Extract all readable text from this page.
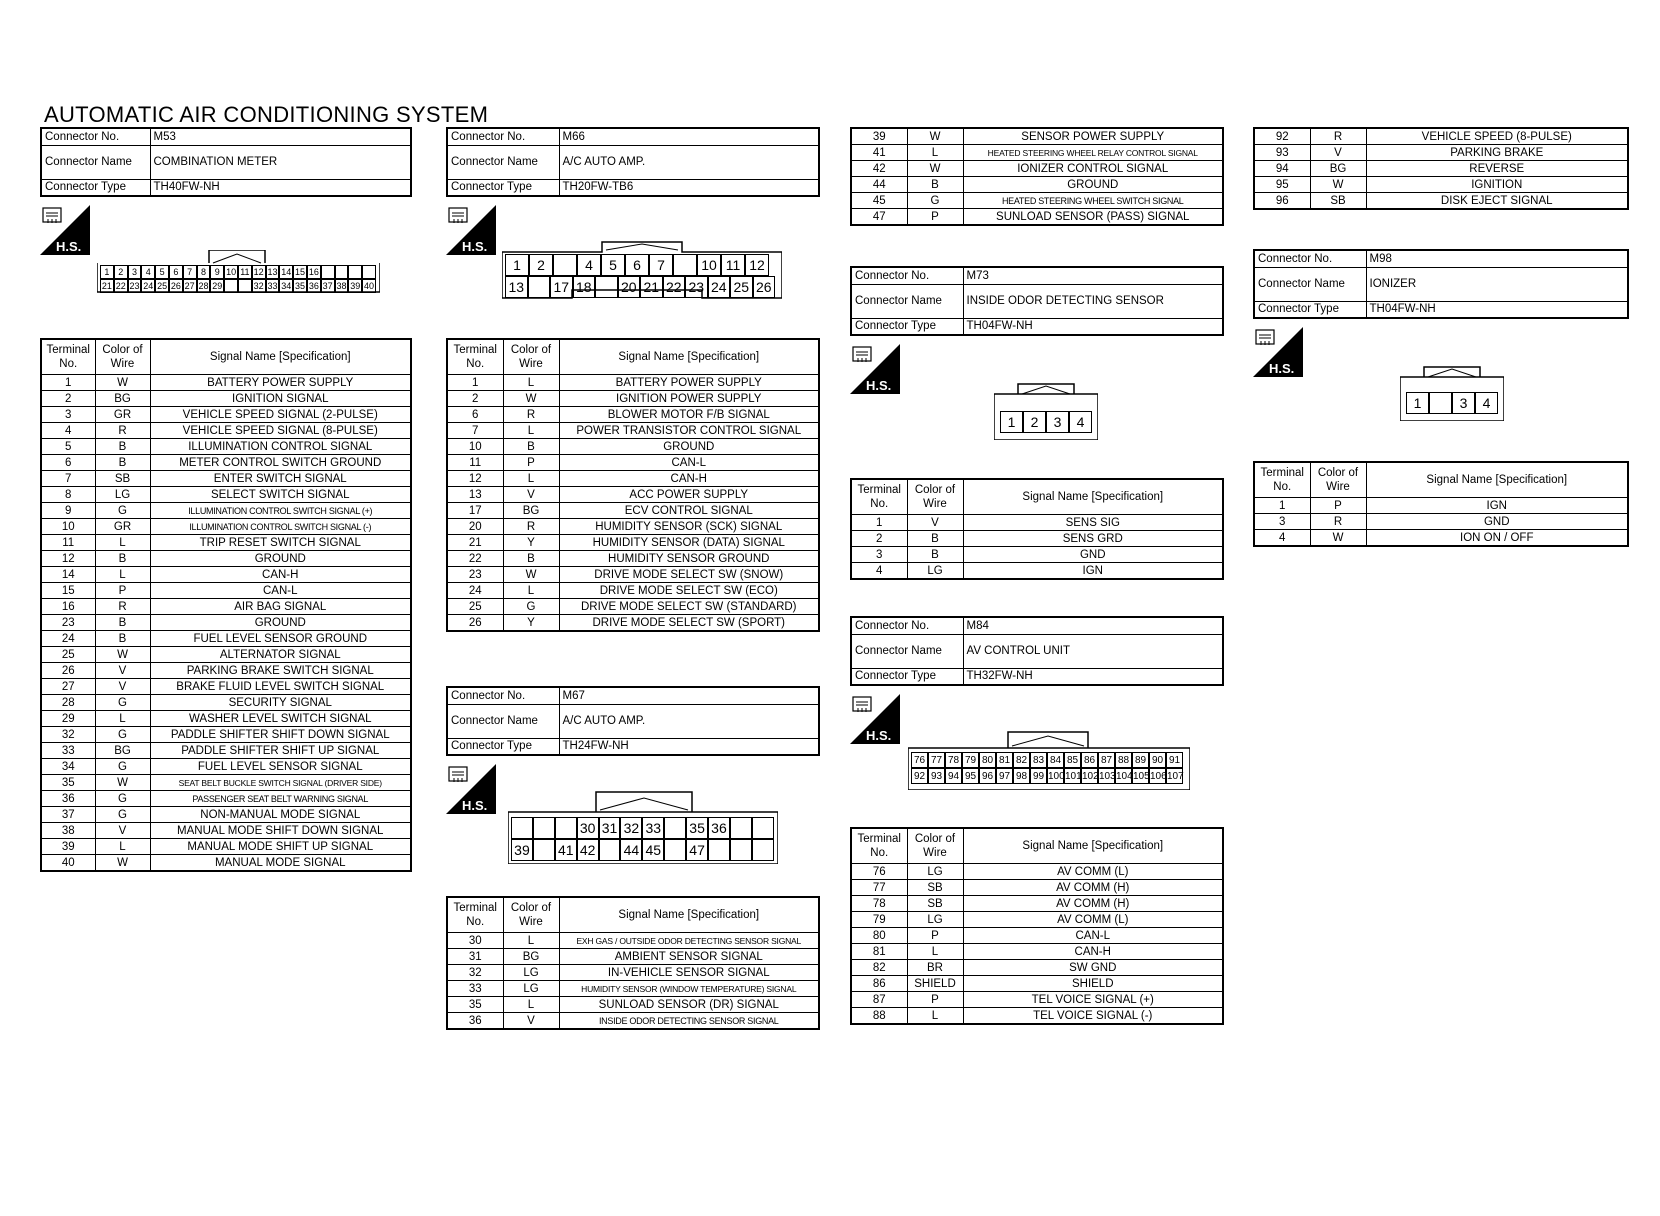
AUTOMATIC AIR CONDITIONING SYSTEM
Connector No.	M53
Connector Name	COMBINATION METER
Connector Type	TH40FW-NH
H.S.
1 2 3 4 5 6 7 8 9 10 11 12 13 14 15 16
21 22 23 24 25 26 27 28 29	32 33 34 35 36 37 38 39 40
Terminal No.	Color of Wire	Signal Name [Specification]
1	W	BATTERY POWER SUPPLY
2	BG	IGNITION SIGNAL
3	GR	VEHICLE SPEED SIGNAL (2-PULSE)
4	R	VEHICLE SPEED SIGNAL (8-PULSE)
5	B	ILLUMINATION CONTROL SIGNAL
6	B	METER CONTROL SWITCH GROUND
7	SB	ENTER SWITCH SIGNAL
8	LG	SELECT SWITCH SIGNAL
9	G	ILLUMINATION CONTROL SWITCH SIGNAL (+)
10	GR	ILLUMINATION CONTROL SWITCH SIGNAL (-)
11	L	TRIP RESET SWITCH SIGNAL
12	B	GROUND
14	L	CAN-H
15	P	CAN-L
16	R	AIR BAG SIGNAL
23	B	GROUND
24	B	FUEL LEVEL SENSOR GROUND
25	W	ALTERNATOR SIGNAL
26	V	PARKING BRAKE SWITCH SIGNAL
27	V	BRAKE FLUID LEVEL SWITCH SIGNAL
28	G	SECURITY SIGNAL
29	L	WASHER LEVEL SWITCH SIGNAL
32	G	PADDLE SHIFTER SHIFT DOWN SIGNAL
33	BG	PADDLE SHIFTER SHIFT UP SIGNAL
34	G	FUEL LEVEL SENSOR SIGNAL
35	W	SEAT BELT BUCKLE SWITCH SIGNAL (DRIVER SIDE)
36	G	PASSENGER SEAT BELT WARNING SIGNAL
37	G	NON-MANUAL MODE SIGNAL
38	V	MANUAL MODE SHIFT DOWN SIGNAL
39	L	MANUAL MODE SHIFT UP SIGNAL
40	W	MANUAL MODE SIGNAL
Connector No.	M66
Connector Name	A/C AUTO AMP.
Connector Type	TH20FW-TB6
H.S.
1	2	4	5	6	7	10 11 12
13 17 18 20 21 22 23 24 25 26
Terminal No.	Color of Wire	Signal Name [Specification]
1	L	BATTERY POWER SUPPLY
2	W	IGNITION POWER SUPPLY
6	R	BLOWER MOTOR F/B SIGNAL
7	L	POWER TRANSISTOR CONTROL SIGNAL
10	B	GROUND
11	P	CAN-L
12	L	CAN-H
13	V	ACC POWER SUPPLY
17	BG	ECV CONTROL SIGNAL
20	R	HUMIDITY SENSOR (SCK) SIGNAL
21	Y	HUMIDITY SENSOR (DATA) SIGNAL
22	B	HUMIDITY SENSOR GROUND
23	W	DRIVE MODE SELECT SW (SNOW)
24	L	DRIVE MODE SELECT SW (ECO)
25	G	DRIVE MODE SELECT SW (STANDARD)
26	Y	DRIVE MODE SELECT SW (SPORT)
Connector No.	M67
Connector Name	A/C AUTO AMP.
Connector Type	TH24FW-NH
H.S.
30 31 32 33 35 36
39 41 42 44 45 47
Terminal No.	Color of Wire	Signal Name [Specification]
30	L	EXH GAS / OUTSIDE ODOR DETECTING SENSOR SIGNAL
31	BG	AMBIENT SENSOR SIGNAL
32	LG	IN-VEHICLE SENSOR SIGNAL
33	LG	HUMIDITY SENSOR (WINDOW TEMPERATURE) SIGNAL
35	L	SUNLOAD SENSOR (DR) SIGNAL
36	V	INSIDE ODOR DETECTING SENSOR SIGNAL
39	W	SENSOR POWER SUPPLY
41	L	HEATED STEERING WHEEL RELAY CONTROL SIGNAL
42	W	IONIZER CONTROL SIGNAL
44	B	GROUND
45	G	HEATED STEERING WHEEL SWITCH SIGNAL
47	P	SUNLOAD SENSOR (PASS) SIGNAL
Connector No.	M73
Connector Name	INSIDE ODOR DETECTING SENSOR
Connector Type	TH04FW-NH
H.S.
1	2	3	4
Terminal No.	Color of Wire	Signal Name [Specification]
1	V	SENS SIG
2	B	SENS GRD
3	B	GND
4	LG	IGN
Connector No.	M84
Connector Name	AV CONTROL UNIT
Connector Type	TH32FW-NH
H.S.
76 77 78 79 80 81 82 83 84 85 86 87 88 89 90 91
92 93 94 95 96 97 98 99 100 101 102 103 104 105 106 107
Terminal No.	Color of Wire	Signal Name [Specification]
76	LG	AV COMM (L)
77	SB	AV COMM (H)
78	SB	AV COMM (H)
79	LG	AV COMM (L)
80	P	CAN-L
81	L	CAN-H
82	BR	SW GND
86	SHIELD	SHIELD
87	P	TEL VOICE SIGNAL (+)
88	L	TEL VOICE SIGNAL (-)
92	R	VEHICLE SPEED (8-PULSE)
93	V	PARKING BRAKE
94	BG	REVERSE
95	W	IGNITION
96	SB	DISK EJECT SIGNAL
Connector No.	M98
Connector Name	IONIZER
Connector Type	TH04FW-NH
H.S.
1	3	4
Terminal No.	Color of Wire	Signal Name [Specification]
1	P	IGN
3	R	GND
4	W	ION ON / OFF
